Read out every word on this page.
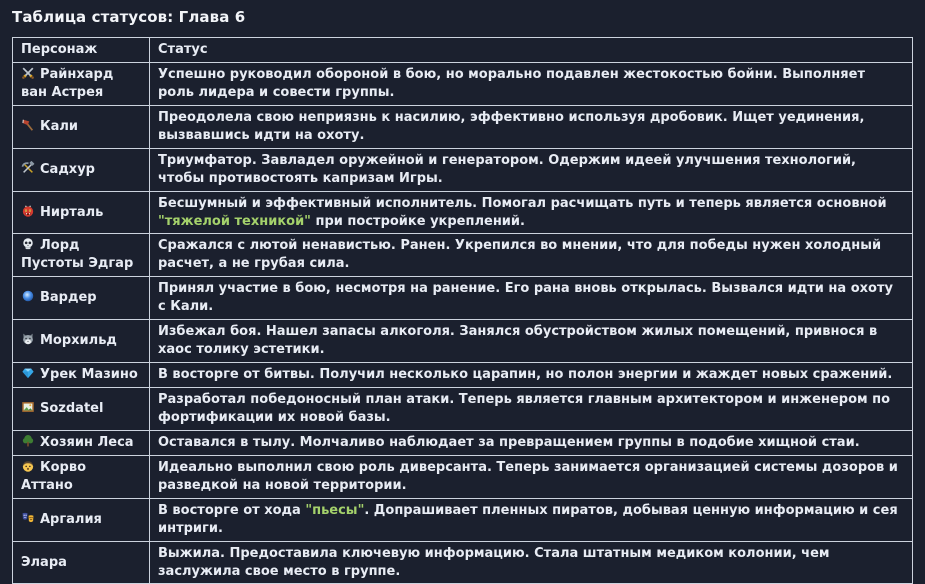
Таблица статусов: Глава 6
Персонаж	Статус
Райнхард ван Астрея	Успешно руководил обороной в бою, но морально подавлен жестокостью бойни. Выполняет роль лидера и совести группы.
Кали	Преодолела свою неприязнь к насилию, эффективно используя дробовик. Ищет уединения, вызвавшись идти на охоту.
Садхур	Триумфатор. Завладел оружейной и генератором. Одержим идеей улучшения технологий, чтобы противостоять капризам Игры.
Нирталь	Бесшумный и эффективный исполнитель. Помогал расчищать путь и теперь является основной "тяжелой техникой" при постройке укреплений.
Лорд Пустоты Эдгар	Сражался с лютой ненавистью. Ранен. Укрепился во мнении, что для победы нужен холодный расчет, а не грубая сила.
Вардер	Принял участие в бою, несмотря на ранение. Его рана вновь открылась. Вызвался идти на охоту с Кали.
Морхильд	Избежал боя. Нашел запасы алкоголя. Занялся обустройством жилых помещений, привнося в хаос толику эстетики.
Урек Мазино	В восторге от битвы. Получил несколько царапин, но полон энергии и жаждет новых сражений.
Sozdatel	Разработал победоносный план атаки. Теперь является главным архитектором и инженером по фортификации их новой базы.
Хозяин Леса	Оставался в тылу. Молчаливо наблюдает за превращением группы в подобие хищной стаи.
Корво Аттано	Идеально выполнил свою роль диверсанта. Теперь занимается организацией системы дозоров и разведкой на новой территории.
Аргалия	В восторге от хода "пьесы". Допрашивает пленных пиратов, добывая ценную информацию и сея интриги.
Элара	Выжила. Предоставила ключевую информацию. Стала штатным медиком колонии, чем заслужила свое место в группе.
